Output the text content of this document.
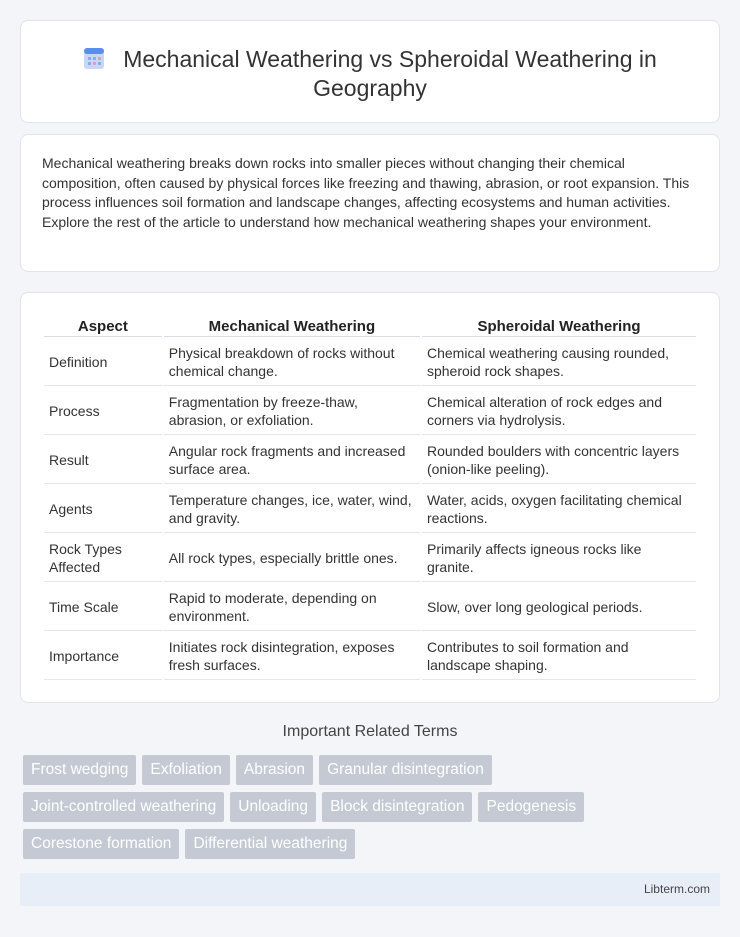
Mechanical Weathering vs Spheroidal Weathering in Geography

Mechanical weathering breaks down rocks into smaller pieces without changing their chemical composition, often caused by physical forces like freezing and thawing, abrasion, or root expansion. This process influences soil formation and landscape changes, affecting ecosystems and human activities. Explore the rest of the article to understand how mechanical weathering shapes your environment.

Aspect	Mechanical Weathering	Spheroidal Weathering
Definition	Physical breakdown of rocks without chemical change.	Chemical weathering causing rounded, spheroid rock shapes.
Process	Fragmentation by freeze-thaw, abrasion, or exfoliation.	Chemical alteration of rock edges and corners via hydrolysis.
Result	Angular rock fragments and increased surface area.	Rounded boulders with concentric layers (onion-like peeling).
Agents	Temperature changes, ice, water, wind, and gravity.	Water, acids, oxygen facilitating chemical reactions.
Rock Types Affected	All rock types, especially brittle ones.	Primarily affects igneous rocks like granite.
Time Scale	Rapid to moderate, depending on environment.	Slow, over long geological periods.
Importance	Initiates rock disintegration, exposes fresh surfaces.	Contributes to soil formation and landscape shaping.
Important Related Terms
Frost wedging	Exfoliation	Abrasion	Granular disintegration
Joint-controlled weathering	Unloading	Block disintegration	Pedogenesis
Corestone formation	Differential weathering
Libterm.com
